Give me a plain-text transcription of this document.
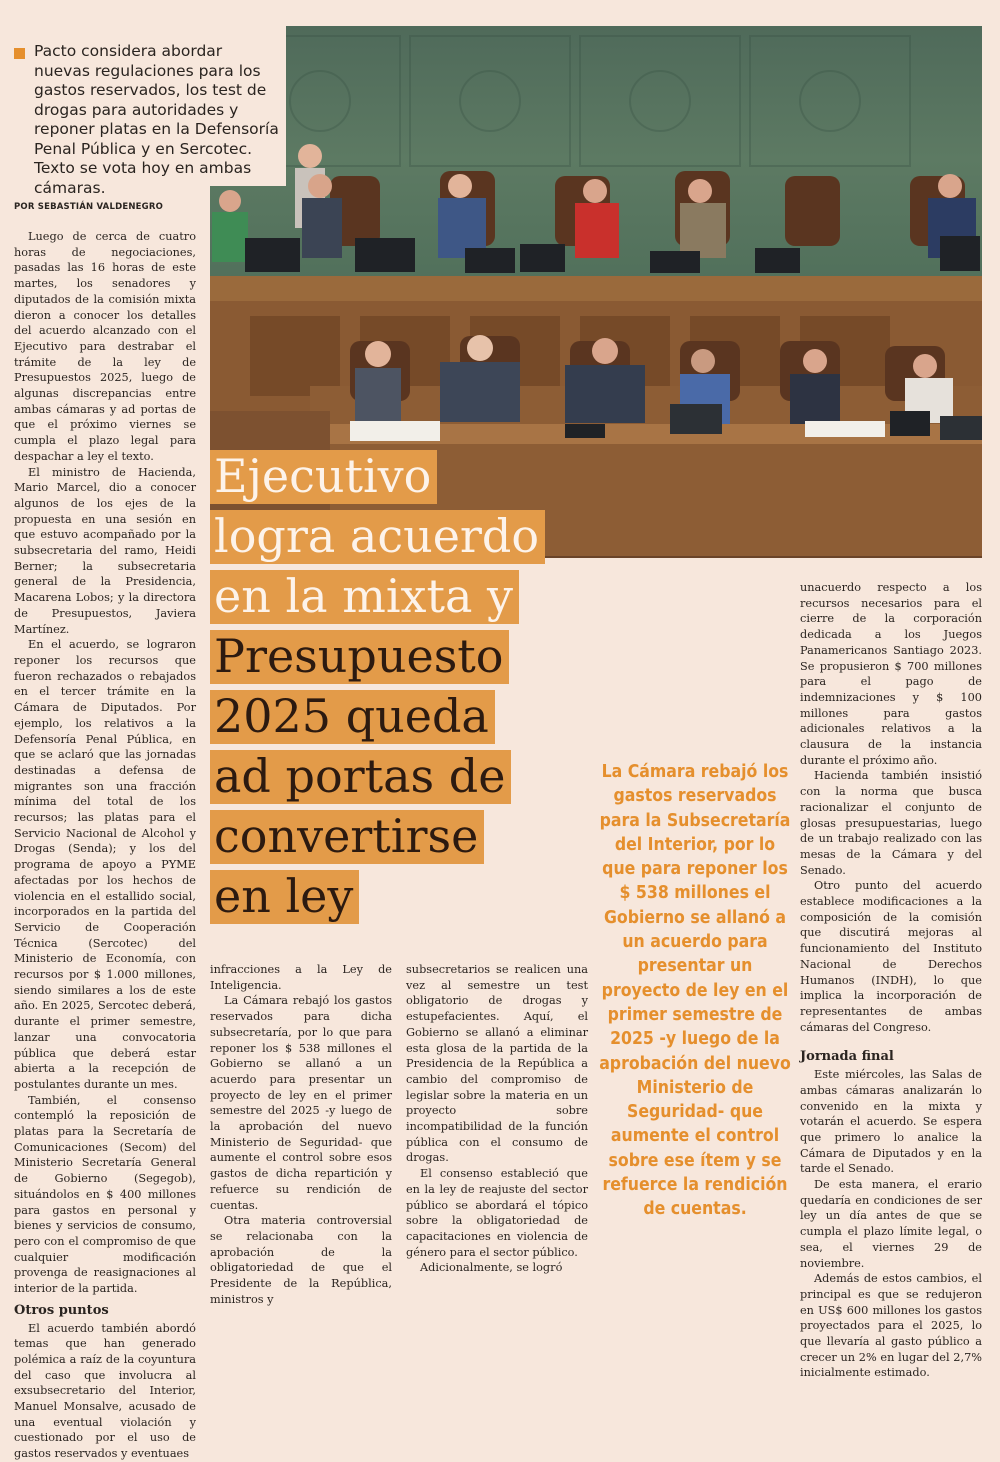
Pacto considera abordar nuevas regulaciones para los gastos reservados, los test de drogas para autoridades y reponer platas en la Defensoría Penal Pública y en Sercotec. Texto se vota hoy en ambas cámaras.

POR SEBASTIÁN VALDENEGRO

Luego de cerca de cuatro horas de negociaciones, pasadas las 16 horas de este martes, los senadores y diputados de la comisión mixta dieron a conocer los detalles del acuerdo alcanzado con el Ejecutivo para destrabar el trámite de la ley de Presupuestos 2025, luego de algunas discrepancias entre ambas cámaras y ad portas de que el próximo viernes se cumpla el plazo legal para despachar a ley el texto.

El ministro de Hacienda, Mario Marcel, dio a conocer algunos de los ejes de la propuesta en una sesión en que estuvo acompañado por la subsecretaria del ramo, Heidi Berner; la subsecretaria general de la Presidencia, Macarena Lobos; y la directora de Presupuestos, Javiera Martínez.

En el acuerdo, se lograron reponer los recursos que fueron rechazados o rebajados en el tercer trámite en la Cámara de Diputados. Por ejemplo, los relativos a la Defensoría Penal Pública, en que se aclaró que las jornadas destinadas a defensa de migrantes son una fracción mínima del total de los recursos; las platas para el Servicio Nacional de Alcohol y Drogas (Senda); y los del programa de apoyo a PYME afectadas por los hechos de violencia en el estallido social, incorporados en la partida del Servicio de Cooperación Técnica (Sercotec) del Ministerio de Economía, con recursos por $ 1.000 millones, siendo similares a los de este año. En 2025, Sercotec deberá, durante el primer semestre, lanzar una convocatoria pública que deberá estar abierta a la recepción de postulantes durante un mes.

También, el consenso contempló la reposición de platas para la Secretaría de Comunicaciones (Secom) del Ministerio Secretaría General de Gobierno (Segegob), situándolos en $ 400 millones para gastos en personal y bienes y servicios de consumo, pero con el compromiso de que cualquier modificación provenga de reasignaciones al interior de la partida.

Otros puntos

El acuerdo también abordó temas que han generado polémica a raíz de la coyuntura del caso que involucra al exsubsecretario del Interior, Manuel Monsalve, acusado de una eventual violación y cuestionado por el uso de gastos reservados y eventuaes

Ejecutivo
logra acuerdo
en la mixta y
Presupuesto
2025 queda
ad portas de
convertirse
en ley

infracciones a la Ley de Inteligencia.

La Cámara rebajó los gastos reservados para dicha subsecretaría, por lo que para reponer los $ 538 millones el Gobierno se allanó a un acuerdo para presentar un proyecto de ley en el primer semestre del 2025 -y luego de la aprobación del nuevo Ministerio de Seguridad- que aumente el control sobre esos gastos de dicha repartición y refuerce su rendición de cuentas.

Otra materia controversial se relacionaba con la aprobación de la obligatoriedad de que el Presidente de la República, ministros y

subsecretarios se realicen una vez al semestre un test obligatorio de drogas y estupefacientes. Aquí, el Gobierno se allanó a eliminar esta glosa de la partida de la Presidencia de la República a cambio del compromiso de legislar sobre la materia en un proyecto sobre incompatibilidad de la función pública con el consumo de drogas.

El consenso estableció que en la ley de reajuste del sector público se abordará el tópico sobre la obligatoriedad de capacitaciones en violencia de género para el sector público.

Adicionalmente, se logró

La Cámara rebajó los gastos reservados para la Subsecretaría del Interior, por lo que para reponer los $ 538 millones el Gobierno se allanó a un acuerdo para presentar un proyecto de ley en el primer semestre de 2025 -y luego de la aprobación del nuevo Ministerio de Seguridad- que aumente el control sobre ese ítem y se refuerce la rendición de cuentas.

unacuerdo respecto a los recursos necesarios para el cierre de la corporación dedicada a los Juegos Panamericanos Santiago 2023. Se propusieron $ 700 millones para el pago de indemnizaciones y $ 100 millones para gastos adicionales relativos a la clausura de la instancia durante el próximo año.

Hacienda también insistió con la norma que busca racionalizar el conjunto de glosas presupuestarias, luego de un trabajo realizado con las mesas de la Cámara y del Senado.

Otro punto del acuerdo establece modificaciones a la composición de la comisión que discutirá mejoras al funcionamiento del Instituto Nacional de Derechos Humanos (INDH), lo que implica la incorporación de representantes de ambas cámaras del Congreso.

Jornada final

Este miércoles, las Salas de ambas cámaras analizarán lo convenido en la mixta y votarán el acuerdo. Se espera que primero lo analice la Cámara de Diputados y en la tarde el Senado.

De esta manera, el erario quedaría en condiciones de ser ley un día antes de que se cumpla el plazo límite legal, o sea, el viernes 29 de noviembre.

Además de estos cambios, el principal es que se redujeron en US$ 600 millones los gastos proyectados para el 2025, lo que llevaría al gasto público a crecer un 2% en lugar del 2,7% inicialmente estimado.
